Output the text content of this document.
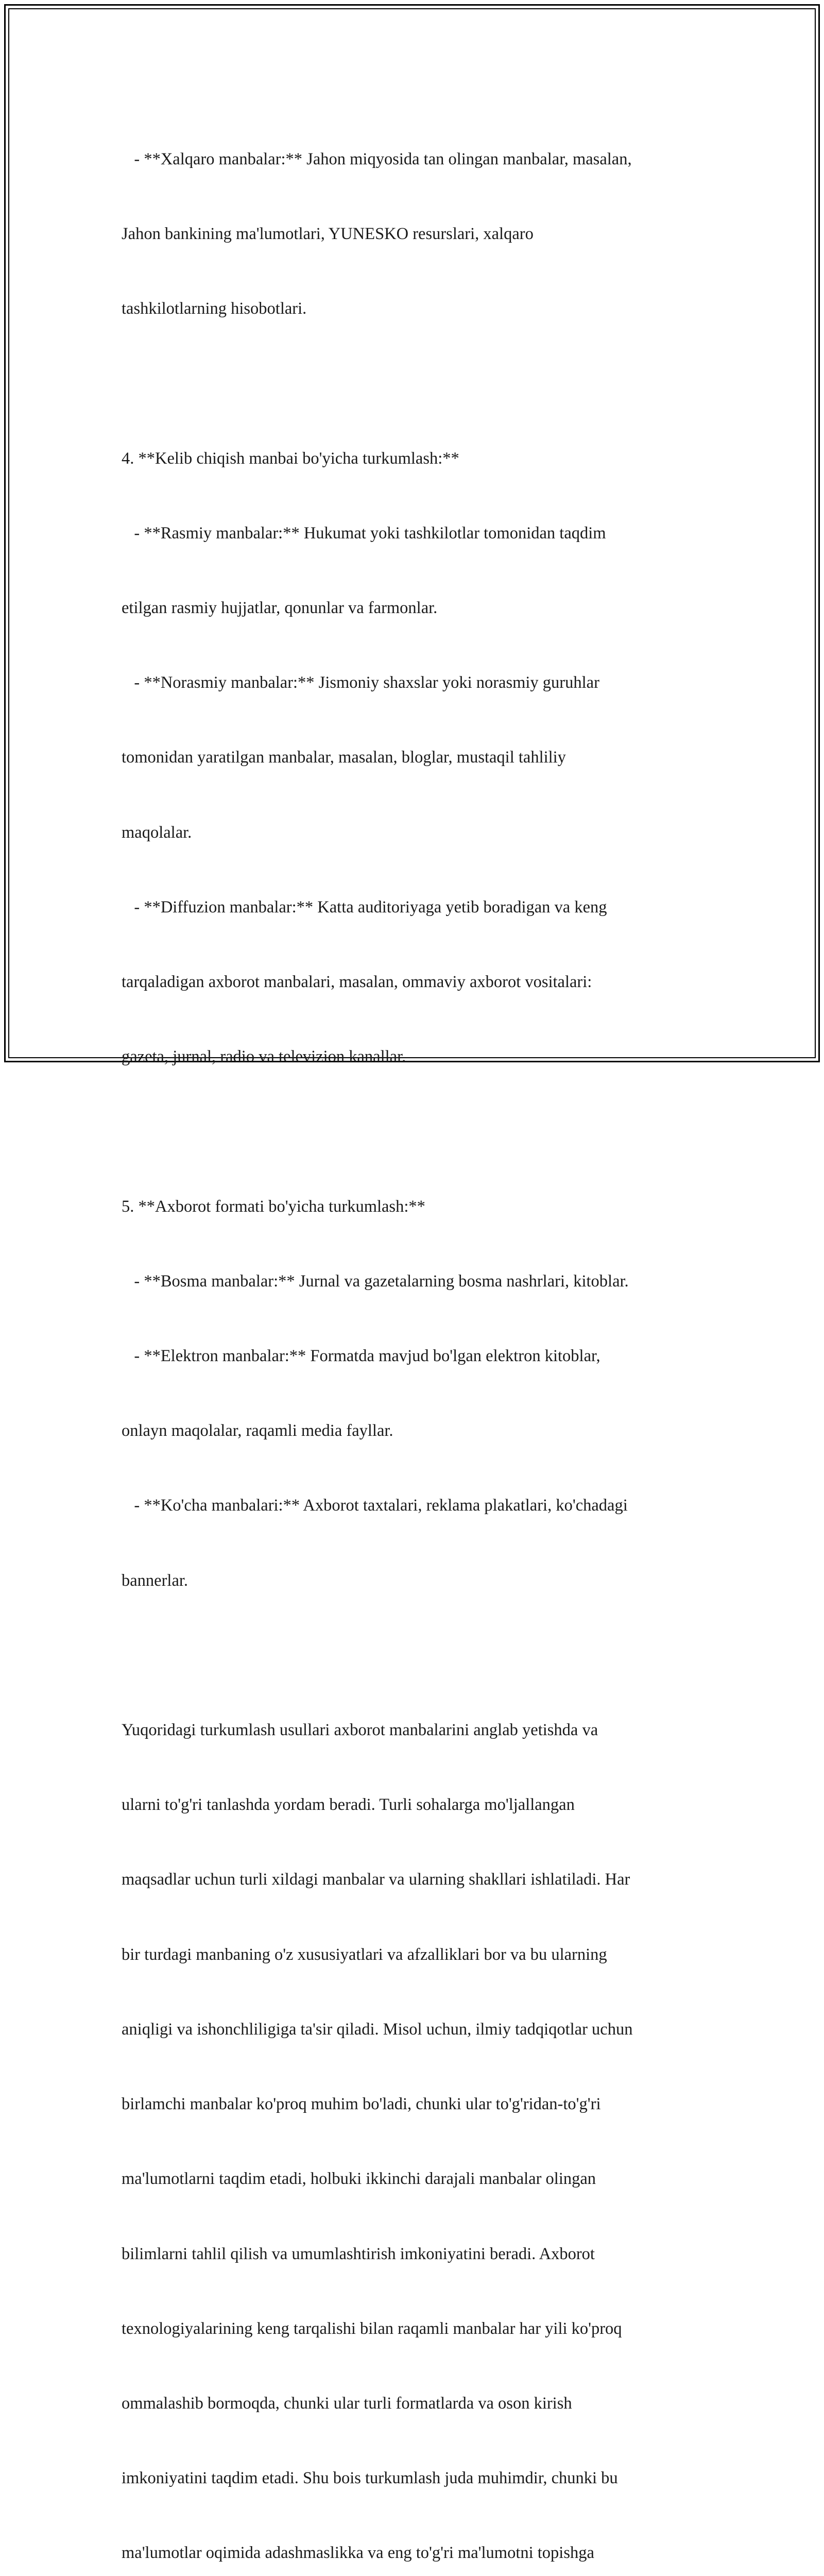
- **Xalqaro manbalar:** Jahon miqyosida tan olingan manbalar, masalan,

Jahon bankining ma'lumotlari, YUNESKO resurslari, xalqaro

tashkilotlarning hisobotlari.

4. **Kelib chiqish manbai bo'yicha turkumlash:**

- **Rasmiy manbalar:** Hukumat yoki tashkilotlar tomonidan taqdim

etilgan rasmiy hujjatlar, qonunlar va farmonlar.

- **Norasmiy manbalar:** Jismoniy shaxslar yoki norasmiy guruhlar

tomonidan yaratilgan manbalar, masalan, bloglar, mustaqil tahliliy

maqolalar.

- **Diffuzion manbalar:** Katta auditoriyaga yetib boradigan va keng

tarqaladigan axborot manbalari, masalan, ommaviy axborot vositalari:

gazeta, jurnal, radio va televizion kanallar.

5. **Axborot formati bo'yicha turkumlash:**

- **Bosma manbalar:** Jurnal va gazetalarning bosma nashrlari, kitoblar.

- **Elektron manbalar:** Formatda mavjud bo'lgan elektron kitoblar,

onlayn maqolalar, raqamli media fayllar.

- **Ko'cha manbalari:** Axborot taxtalari, reklama plakatlari, ko'chadagi

bannerlar.

Yuqoridagi turkumlash usullari axborot manbalarini anglab yetishda va

ularni to'g'ri tanlashda yordam beradi. Turli sohalarga mo'ljallangan

maqsadlar uchun turli xildagi manbalar va ularning shakllari ishlatiladi. Har

bir turdagi manbaning o'z xususiyatlari va afzalliklari bor va bu ularning

aniqligi va ishonchliligiga ta'sir qiladi. Misol uchun, ilmiy tadqiqotlar uchun

birlamchi manbalar ko'proq muhim bo'ladi, chunki ular to'g'ridan-to'g'ri

ma'lumotlarni taqdim etadi, holbuki ikkinchi darajali manbalar olingan

bilimlarni tahlil qilish va umumlashtirish imkoniyatini beradi. Axborot

texnologiyalarining keng tarqalishi bilan raqamli manbalar har yili ko'proq

ommalashib bormoqda, chunki ular turli formatlarda va oson kirish

imkoniyatini taqdim etadi. Shu bois turkumlash juda muhimdir, chunki bu

ma'lumotlar oqimida adashmaslikka va eng to'g'ri ma'lumotni topishga
